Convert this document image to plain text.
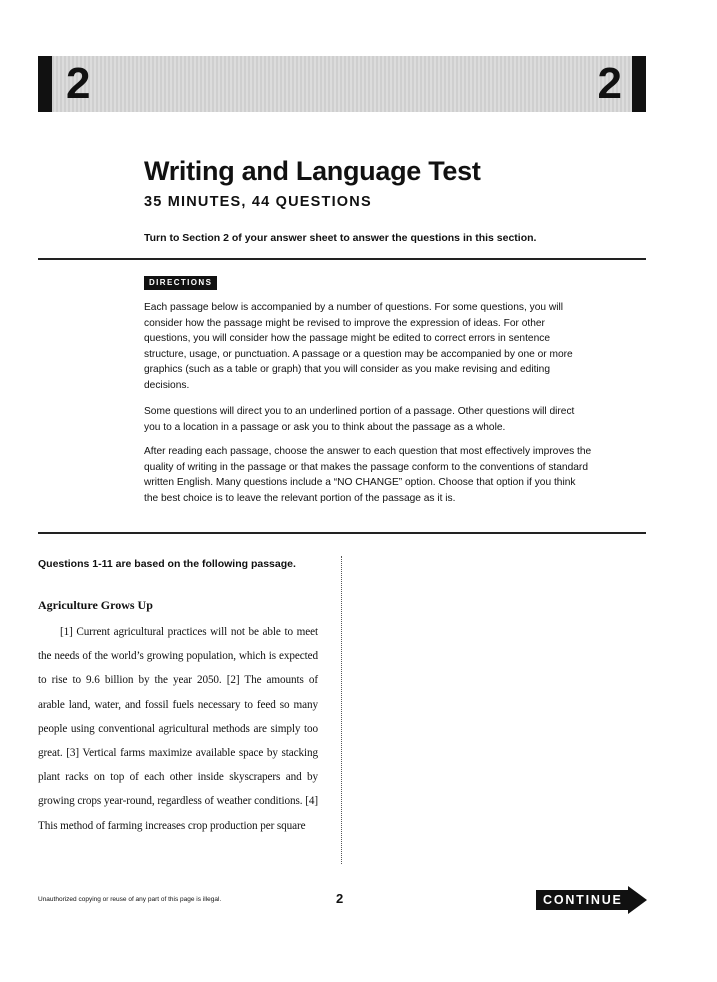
2	2
Writing and Language Test
35 MINUTES, 44 QUESTIONS
Turn to Section 2 of your answer sheet to answer the questions in this section.
DIRECTIONS

Each passage below is accompanied by a number of questions. For some questions, you will consider how the passage might be revised to improve the expression of ideas. For other questions, you will consider how the passage might be edited to correct errors in sentence structure, usage, or punctuation. A passage or a question may be accompanied by one or more graphics (such as a table or graph) that you will consider as you make revising and editing decisions.

Some questions will direct you to an underlined portion of a passage. Other questions will direct you to a location in a passage or ask you to think about the passage as a whole.

After reading each passage, choose the answer to each question that most effectively improves the quality of writing in the passage or that makes the passage conform to the conventions of standard written English. Many questions include a “NO CHANGE” option. Choose that option if you think the best choice is to leave the relevant portion of the passage as it is.

Questions 1-11 are based on the following passage.
Agriculture Grows Up

[1] Current agricultural practices will not be able to meet the needs of the world’s growing population, which is expected to rise to 9.6 billion by the year 2050. [2] The amounts of arable land, water, and fossil fuels necessary to feed so many people using conventional agricultural methods are simply too great. [3] Vertical farms maximize available space by stacking plant racks on top of each other inside skyscrapers and by growing crops year-round, regardless of weather conditions. [4] This method of farming increases crop production per square

Unauthorized copying or reuse of any part of this page is illegal.	2	CONTINUE
